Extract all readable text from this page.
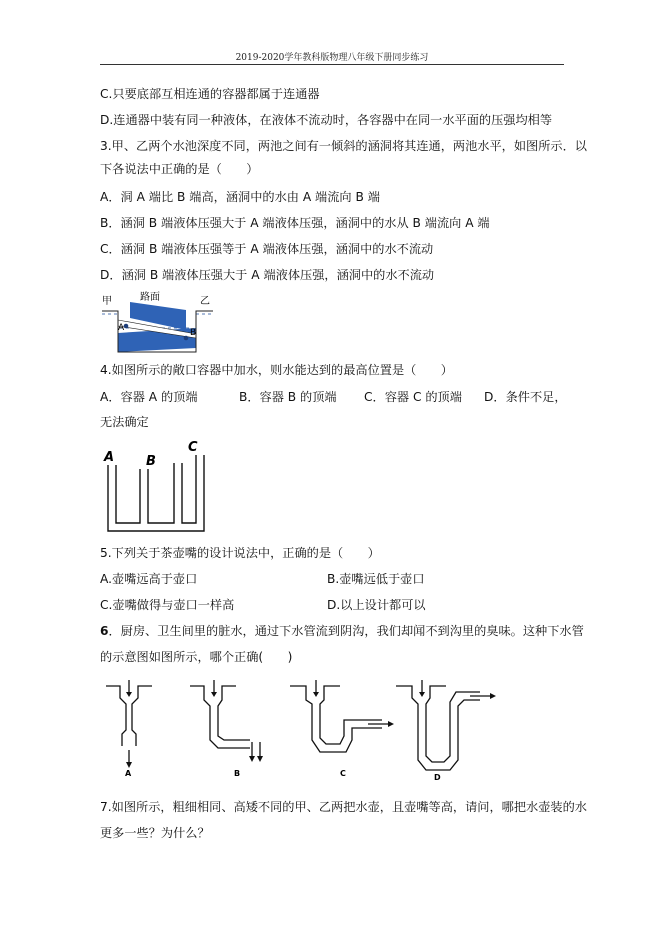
2019-2020学年教科版物理八年级下册同步练习
C.只要底部互相连通的容器都属于连通器
D.连通器中装有同一种液体，在液体不流动时，各容器中在同一水平面的压强均相等
3.甲、乙两个水池深度不同，两池之间有一倾斜的涵洞将其连通，两池水平，如图所示．以
下各说法中正确的是（　　）
A．洞 A 端比 B 端高，涵洞中的水由 A 端流向 B 端
B．涵洞 B 端液体压强大于 A 端液体压强，涵洞中的水从 B 端流向 A 端
C．涵洞 B 端液体压强等于 A 端液体压强，涵洞中的水不流动
D．涵洞 B 端液体压强大于 A 端液体压强，涵洞中的水不流动
甲	路面	乙
A	B
4.如图所示的敞口容器中加水，则水能达到的最高位置是（　　）
A．容器 A 的顶端	B．容器 B 的顶端 C．容器 C 的顶端 D．条件不足，
无法确定
A B
C
5.下列关于茶壶嘴的设计说法中，正确的是（　　）
A.壶嘴远高于壶口	B.壶嘴远低于壶口
C.壶嘴做得与壶口一样高	D.以上设计都可以
6．厨房、卫生间里的脏水，通过下水管流到阴沟，我们却闻不到沟里的臭味。这种下水管
的示意图如图所示，哪个正确(　　)
A	B	C	D
7.如图所示，粗细相同、高矮不同的甲、乙两把水壶，且壶嘴等高，请问，哪把水壶装的水
更多一些？为什么？
